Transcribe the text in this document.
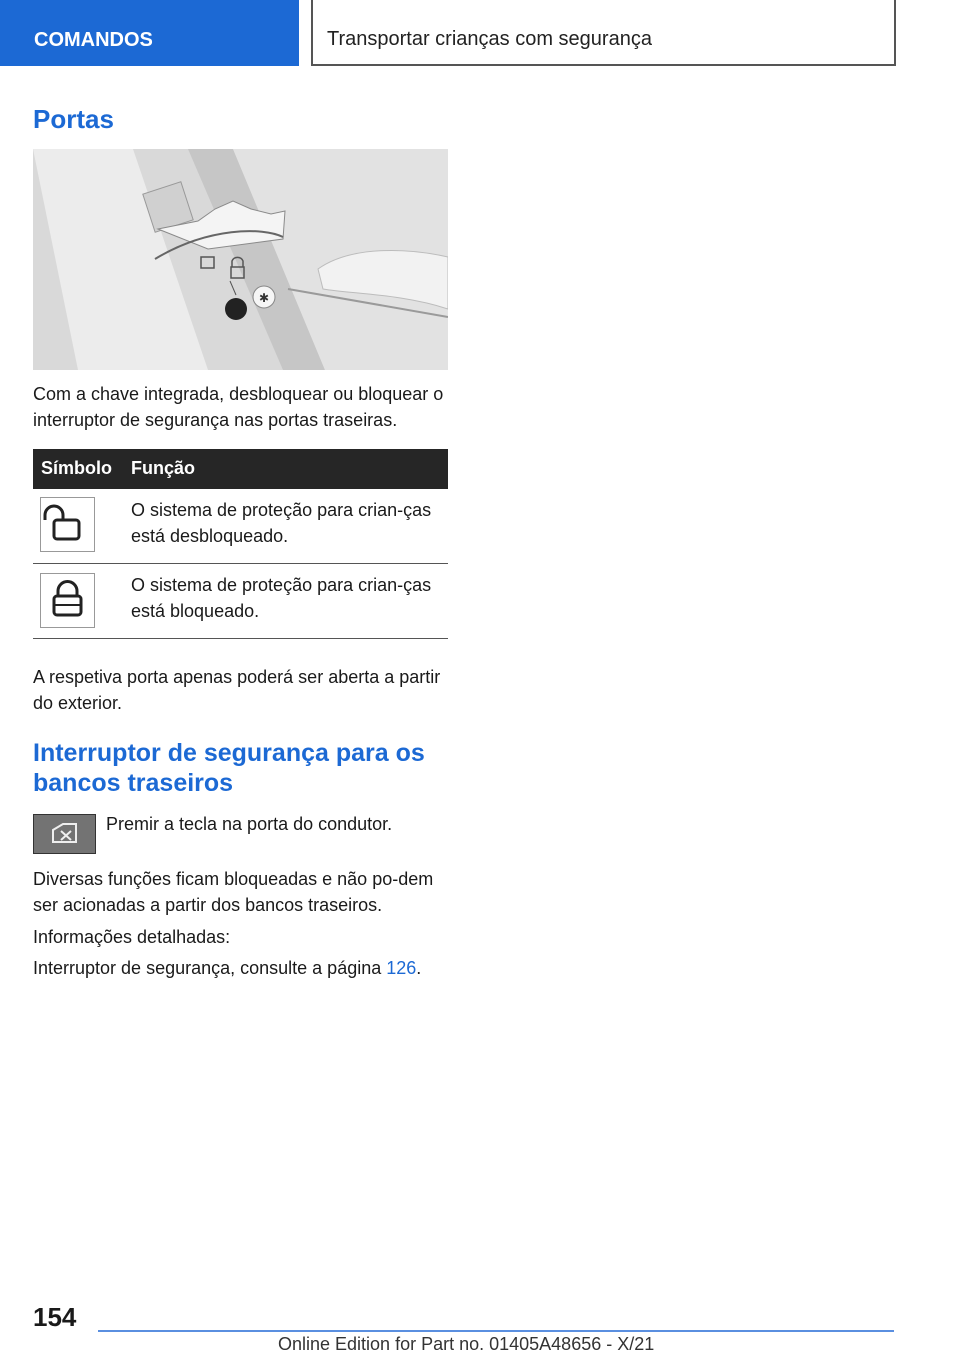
COMANDOS	Transportar crianças com segurança
Portas
✱
Com a chave integrada, desbloquear ou bloquear o interruptor de segurança nas portas traseiras.
Símbolo Função
O sistema de proteção para crian-ças está desbloqueado.
O sistema de proteção para crian-ças está bloqueado.
A respetiva porta apenas poderá ser aberta a partir do exterior.
Interruptor de segurança para os bancos traseiros
Premir a tecla na porta do condutor.
Diversas funções ficam bloqueadas e não po-dem ser acionadas a partir dos bancos traseiros.
Informações detalhadas:
Interruptor de segurança, consulte a página 126.
154
Online Edition for Part no. 01405A48656 - X/21
